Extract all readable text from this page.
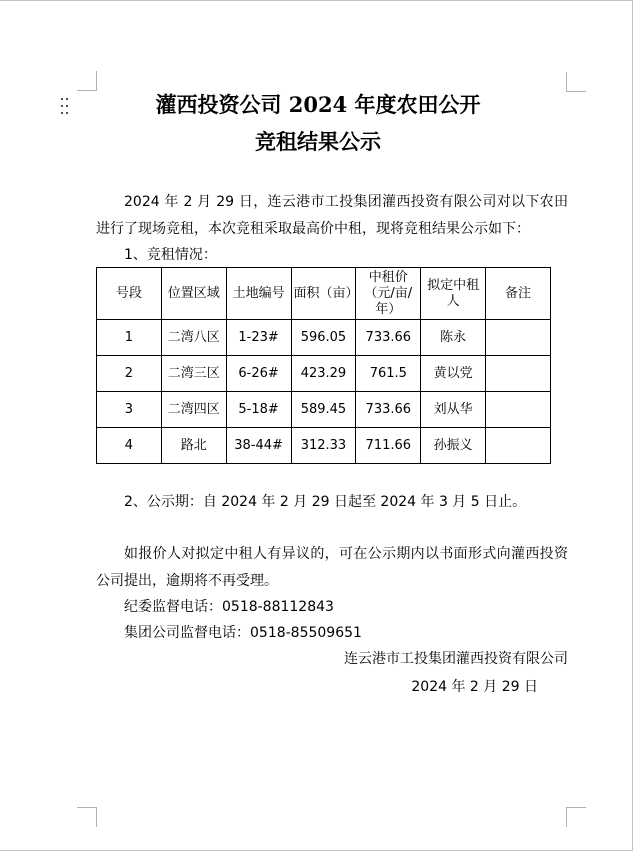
灌西投资公司 2024 年度农田公开
竞租结果公示

2024 年 2 月 29 日，连云港市工投集团灌西投资有限公司对以下农田进行了现场竞租，本次竞租采取最高价中租，现将竞租结果公示如下：

1、竞租情况：

号段	位置区域	土地编号	面积（亩）	中租价（元/亩/年）	拟定中租人	备注
1	二湾八区	1-23#	596.05	733.66	陈永	
2	二湾三区	6-26#	423.29	761.5	黄以党	
3	二湾四区	5-18#	589.45	733.66	刘从华	
4	路北	38-44#	312.33	711.66	孙振义	

2、公示期：自 2024 年 2 月 29 日起至 2024 年 3 月 5 日止。

如报价人对拟定中租人有异议的，可在公示期内以书面形式向灌西投资公司提出，逾期将不再受理。

纪委监督电话：0518-88112843

集团公司监督电话：0518-85509651

连云港市工投集团灌西投资有限公司

2024 年 2 月 29 日
